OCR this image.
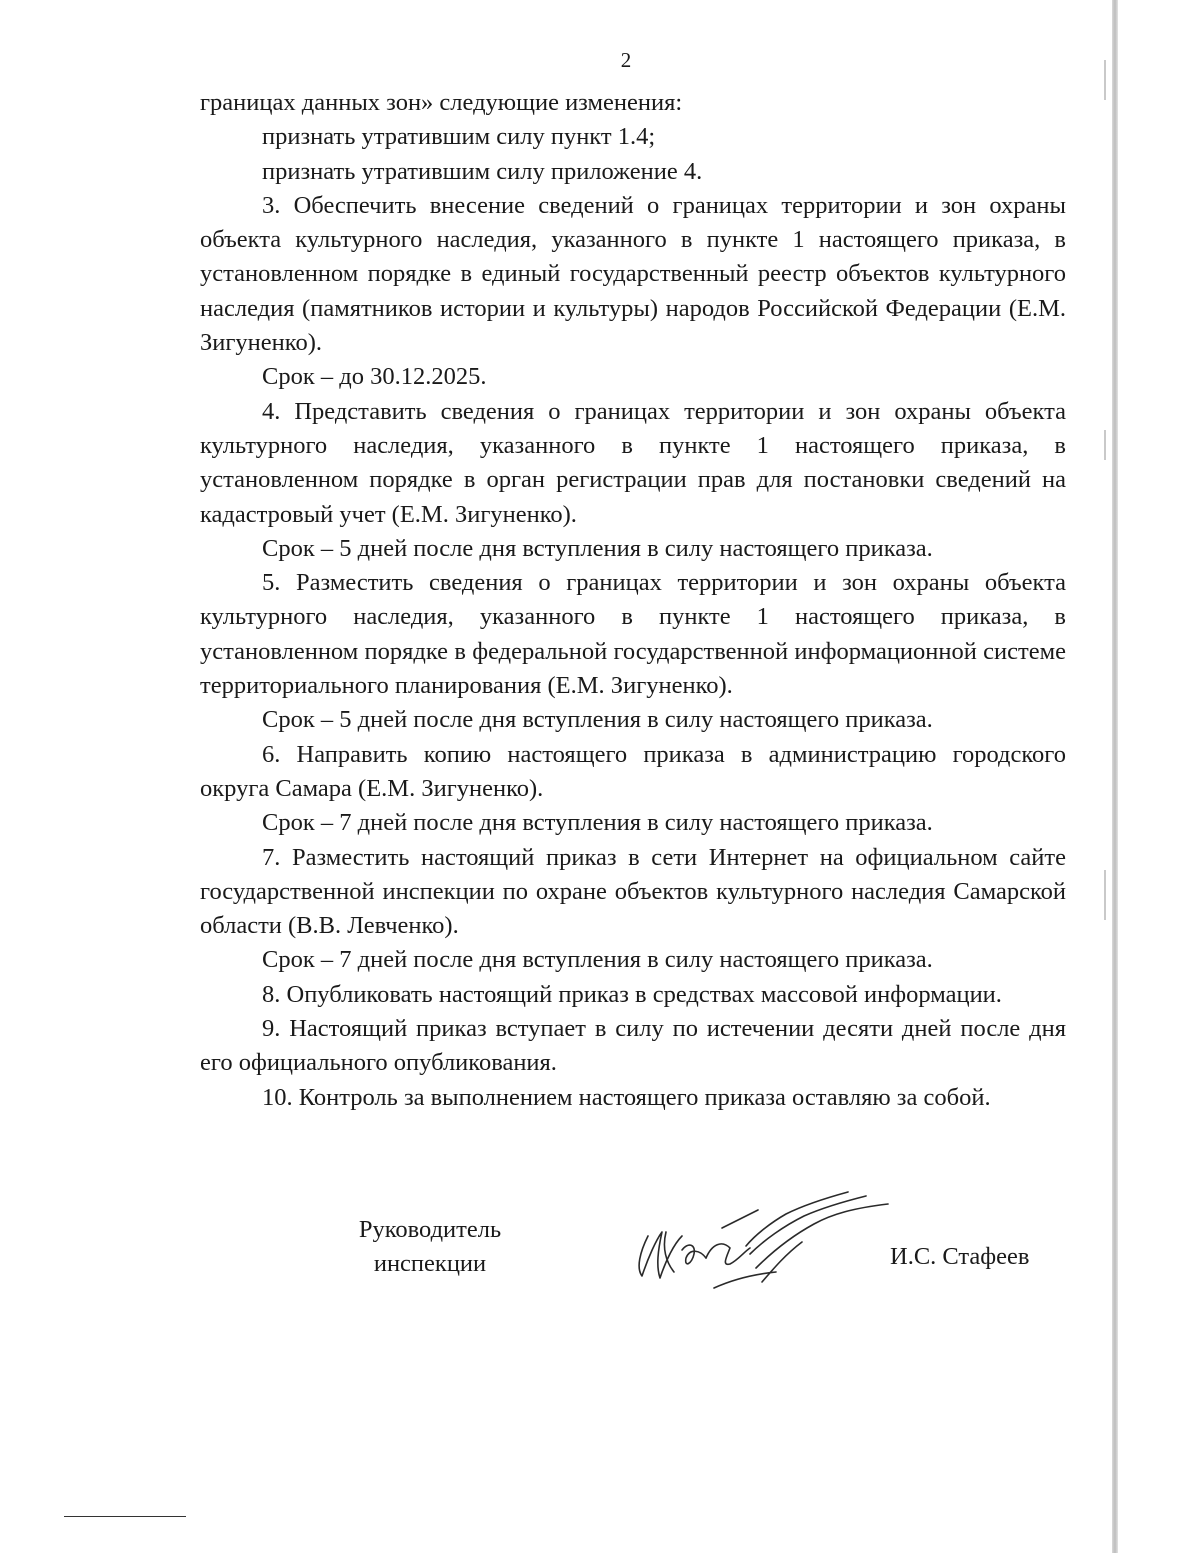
2

границах данных зон» следующие изменения:

признать утратившим силу пункт 1.4;

признать утратившим силу приложение 4.

3. Обеспечить внесение сведений о границах территории и зон охраны объекта культурного наследия, указанного в пункте 1 настоящего приказа, в установленном порядке в единый государственный реестр объектов культурного наследия (памятников истории и культуры) народов Российской Федерации (Е.М. Зигуненко).

Срок – до 30.12.2025.

4. Представить сведения о границах территории и зон охраны объекта культурного наследия, указанного в пункте 1 настоящего приказа, в установленном порядке в орган регистрации прав для постановки сведений на кадастровый учет (Е.М. Зигуненко).

Срок – 5 дней после дня вступления в силу настоящего приказа.

5. Разместить сведения о границах территории и зон охраны объекта культурного наследия, указанного в пункте 1 настоящего приказа, в установленном порядке в федеральной государственной информационной системе территориального планирования (Е.М. Зигуненко).

Срок – 5 дней после дня вступления в силу настоящего приказа.

6. Направить копию настоящего приказа в администрацию городского округа Самара (Е.М. Зигуненко).

Срок – 7 дней после дня вступления в силу настоящего приказа.

7. Разместить настоящий приказ в сети Интернет на официальном сайте государственной инспекции по охране объектов культурного наследия Самарской области (В.В. Левченко).

Срок – 7 дней после дня вступления в силу настоящего приказа.

8. Опубликовать настоящий приказ в средствах массовой информации.

9. Настоящий приказ вступает в силу по истечении десяти дней после дня его официального опубликования.

10. Контроль за выполнением настоящего приказа оставляю за собой.

Руководитель
инспекции	И.С. Стафеев
